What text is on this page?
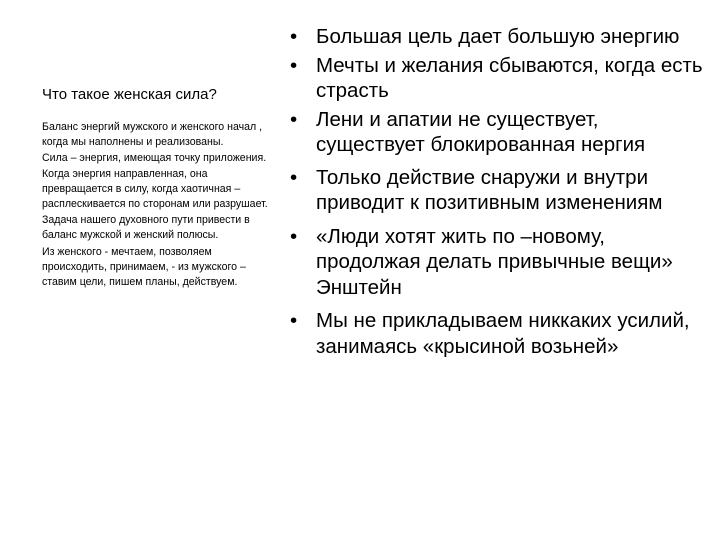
Что такое женская сила?

Баланс энергий мужского и женского начал , когда мы наполнены и реализованы.

Сила – энергия, имеющая точку приложения. Когда энергия направленная, она превращается в силу, когда хаотичная – расплескивается по сторонам или разрушает.

Задача нашего духовного пути привести в баланс мужской и женский полюсы.

Из женского - мечтаем, позволяем происходить, принимаем, - из мужского – ставим цели, пишем планы, действуем.

• Большая цель дает большую энергию
• Мечты и желания сбываются, когда есть страсть
• Лени и апатии не существует, существует блокированная нергия
• Только действие снаружи и внутри приводит к позитивным изменениям
• «Люди хотят жить по –новому, продолжая делать привычные вещи» Энштейн
• Мы не прикладываем никкаких усилий, занимаясь «крысиной возьней»
